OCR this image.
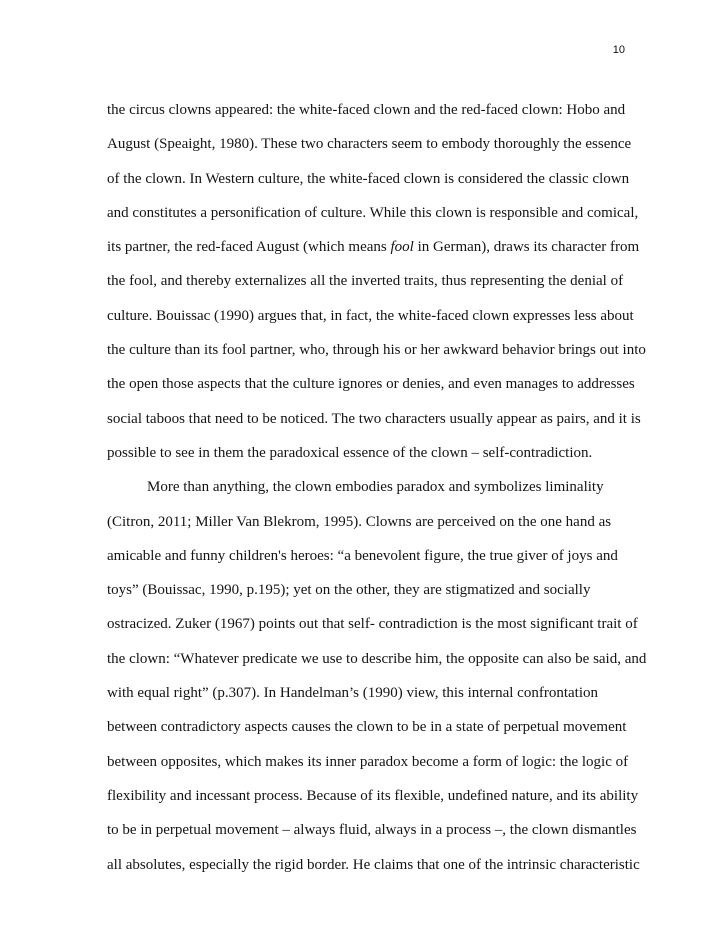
10
the circus clowns appeared: the white-faced clown and the red-faced clown: Hobo and
August (Speaight, 1980). These two characters seem to embody thoroughly the essence
of the clown. In Western culture, the white-faced clown is considered the classic clown
and constitutes a personification of culture. While this clown is responsible and comical,
its partner, the red-faced August (which means fool in German), draws its character from
the fool, and thereby externalizes all the inverted traits, thus representing the denial of
culture. Bouissac (1990) argues that, in fact, the white-faced clown expresses less about
the culture than its fool partner, who, through his or her awkward behavior brings out into
the open those aspects that the culture ignores or denies, and even manages to addresses
social taboos that need to be noticed. The two characters usually appear as pairs, and it is
possible to see in them the paradoxical essence of the clown – self-contradiction.
More than anything, the clown embodies paradox and symbolizes liminality
(Citron, 2011; Miller Van Blekrom, 1995). Clowns are perceived on the one hand as
amicable and funny children's heroes: “a benevolent figure, the true giver of joys and
toys” (Bouissac, 1990, p.195); yet on the other, they are stigmatized and socially
ostracized. Zuker (1967) points out that self- contradiction is the most significant trait of
the clown: “Whatever predicate we use to describe him, the opposite can also be said, and
with equal right” (p.307). In Handelman’s (1990) view, this internal confrontation
between contradictory aspects causes the clown to be in a state of perpetual movement
between opposites, which makes its inner paradox become a form of logic: the logic of
flexibility and incessant process. Because of its flexible, undefined nature, and its ability
to be in perpetual movement – always fluid, always in a process –, the clown dismantles
all absolutes, especially the rigid border. He claims that one of the intrinsic characteristic
